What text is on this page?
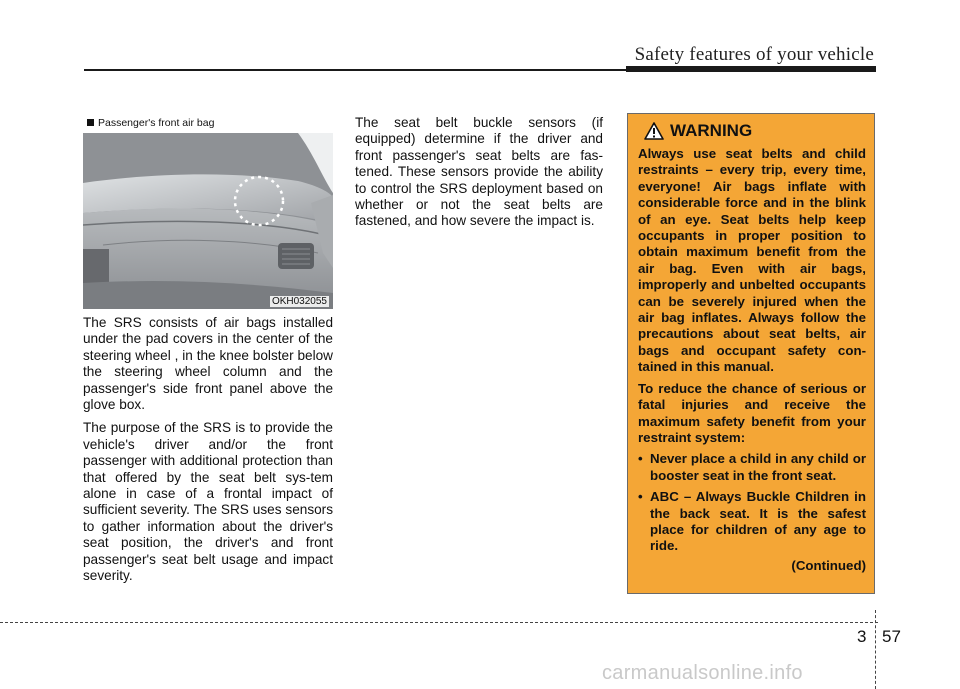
Safety features of your vehicle
Passenger's front air bag
OKH032055

The SRS consists of air bags installed under the pad covers in the center of the steering wheel , in the knee bolster below the steering wheel column and the passenger's side front panel above the glove box.

The purpose of the SRS is to provide the vehicle's driver and/or the front passenger with additional protection than that offered by the seat belt sys-tem alone in case of a frontal impact of sufficient severity. The SRS uses sensors to gather information about the driver's seat position, the driver's and front passenger's seat belt usage and impact severity.

The seat belt buckle sensors (if equipped) determine if the driver and front passenger's seat belts are fas-tened. These sensors provide the ability to control the SRS deployment based on whether or not the seat belts are fastened, and how severe the impact is.

WARNING

Always use seat belts and child restraints – every trip, every time, everyone! Air bags inflate with considerable force and in the blink of an eye. Seat belts help keep occupants in proper position to obtain maximum benefit from the air bag. Even with air bags, improperly and unbelted occupants can be severely injured when the air bag inflates. Always follow the precautions about seat belts, air bags and occupant safety con-tained in this manual.

To reduce the chance of serious or fatal injuries and receive the maximum safety benefit from your restraint system:

• Never place a child in any child or booster seat in the front seat.
• ABC – Always Buckle Children in the back seat. It is the safest place for children of any age to ride.
(Continued)
3 57
carmanualsonline.info
